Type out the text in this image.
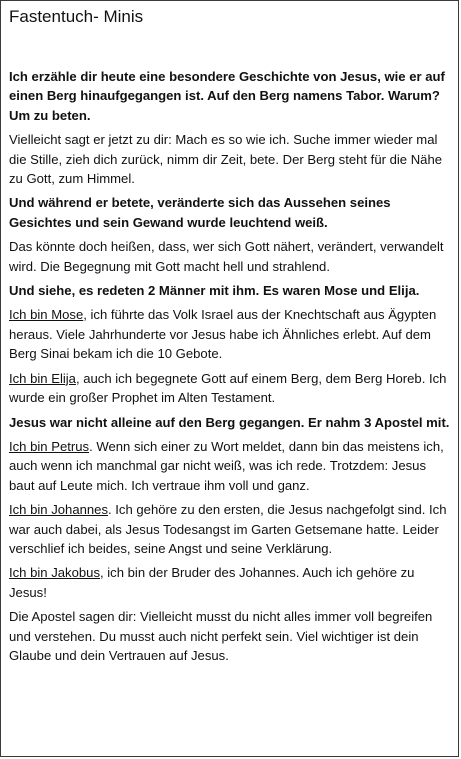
Fastentuch- Minis

Ich erzähle dir heute eine besondere Geschichte von Jesus, wie er auf einen Berg hinaufgegangen ist. Auf den Berg namens Tabor. Warum? Um zu beten.

Vielleicht sagt er jetzt zu dir: Mach es so wie ich. Suche immer wieder mal die Stille, zieh dich zurück, nimm dir Zeit, bete. Der Berg steht für die Nähe zu Gott, zum Himmel.

Und während er betete, veränderte sich das Aussehen seines Gesichtes und sein Gewand wurde leuchtend weiß.

Das könnte doch heißen, dass, wer sich Gott nähert, verändert, verwandelt wird. Die Begegnung mit Gott macht hell und strahlend.

Und siehe, es redeten 2 Männer mit ihm. Es waren Mose und Elija.

Ich bin Mose, ich führte das Volk Israel aus der Knechtschaft aus Ägypten heraus. Viele Jahrhunderte vor Jesus habe ich Ähnliches erlebt. Auf dem Berg Sinai bekam ich die 10 Gebote.

Ich bin Elija, auch ich begegnete Gott auf einem Berg, dem Berg Horeb. Ich wurde ein großer Prophet im Alten Testament.

Jesus war nicht alleine auf den Berg gegangen. Er nahm 3 Apostel mit.

Ich bin Petrus. Wenn sich einer zu Wort meldet, dann bin das meistens ich, auch wenn ich manchmal gar nicht weiß, was ich rede. Trotzdem: Jesus baut auf Leute mich. Ich vertraue ihm voll und ganz.

Ich bin Johannes. Ich gehöre zu den ersten, die Jesus nachgefolgt sind. Ich war auch dabei, als Jesus Todesangst im Garten Getsemane hatte. Leider verschlief ich beides, seine Angst und seine Verklärung.

Ich bin Jakobus, ich bin der Bruder des Johannes. Auch ich gehöre zu Jesus!

Die Apostel sagen dir: Vielleicht musst du nicht alles immer voll begreifen und verstehen. Du musst auch nicht perfekt sein. Viel wichtiger ist dein Glaube und dein Vertrauen auf Jesus.
